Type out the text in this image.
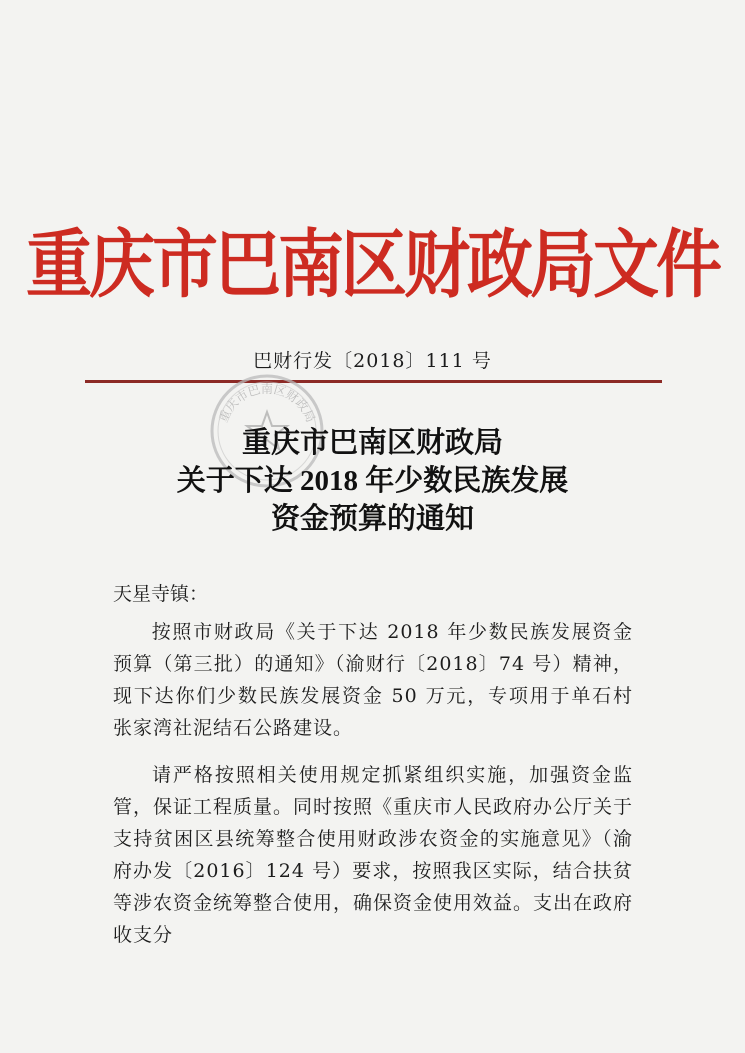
重庆市巴南区财政局文件
巴财行发〔2018〕111 号
重庆市巴南区财政局
重庆市巴南区财政局
关于下达 2018 年少数民族发展
资金预算的通知
天星寺镇：
按照市财政局《关于下达 2018 年少数民族发展资金预算（第三批）的通知》（渝财行〔2018〕74 号）精神，现下达你们少数民族发展资金 50 万元，专项用于单石村张家湾社泥结石公路建设。
请严格按照相关使用规定抓紧组织实施，加强资金监管，保证工程质量。同时按照《重庆市人民政府办公厅关于支持贫困区县统筹整合使用财政涉农资金的实施意见》（渝府办发〔2016〕124 号）要求，按照我区实际，结合扶贫等涉农资金统筹整合使用，确保资金使用效益。支出在政府收支分
